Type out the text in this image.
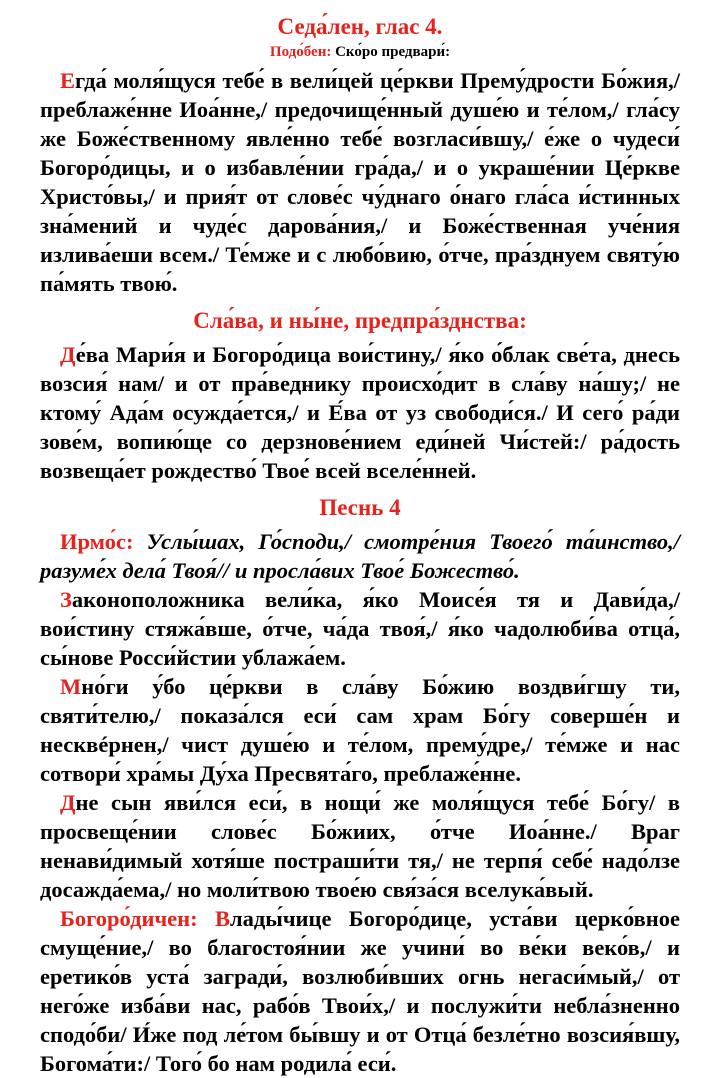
Седа́лен, глас 4.

Подо́бен: Ско́ро предвари́:

Егда́ моля́щуся тебе́ в вели́цей це́ркви Прему́дрости Бо́жия,/ преблаже́нне Иоа́нне,/ предочище́нный душе́ю и те́лом,/ гла́су же Боже́ственному явле́нно тебе́ возгласи́вшу,/ е́же о чудеси́ Богоро́дицы, и о избавле́нии гра́да,/ и о украше́нии Це́ркве Христо́вы,/ и прия́т от слове́с чу́днаго о́наго гла́са и́стинных зна́мений и чуде́с дарова́ния,/ и Боже́ственная уче́ния излива́еши всем./ Те́мже и с любо́вию, о́тче, пра́зднуем святу́ю па́мять твою́.

Сла́ва, и ны́не, предпра́зднства:

Де́ва Мари́я и Богоро́дица вои́стину,/ я́ко о́блак све́та, днесь возсия́ нам/ и от пра́веднику происхо́дит в сла́ву на́шу;/ не ктому́ Ада́м осужда́ется,/ и Е́ва от уз свободи́ся./ И сего́ ра́ди зове́м, вопию́ще со дерзнове́нием еди́ней Чи́стей:/ ра́дость возвеща́ет рождество́ Твое́ всей вселе́нней.

Песнь 4

Ирмо́с: Услы́шах, Го́споди,/ смотре́ния Твоего́ та́инство,/ разуме́х дела́ Твоя́// и просла́вих Твое́ Божество́.

Законоположника вели́ка, я́ко Моисе́я тя и Дави́да,/ вои́стину стяжа́вше, о́тче, ча́да твоя́,/ я́ко чадолюби́ва отца́, сы́нове Росси́йстии ублажа́ем.

Мно́ги у́бо це́ркви в сла́ву Бо́жию воздви́гшу ти, святи́телю,/ показа́лся еси́ сам храм Бо́гу соверше́н и несквéрнен,/ чист душе́ю и те́лом, прему́дре,/ те́мже и нас сотвори́ хра́мы Ду́ха Пресвята́го, преблаже́нне.

Дне сын яви́лся еси́, в нощи́ же моля́щуся тебе́ Бо́гу/ в просвеще́нии слове́с Бо́жиих, о́тче Иоа́нне./ Враг ненави́димый хотя́ше постраши́ти тя,/ не терпя́ себе́ надо́лзе досажда́ема,/ но моли́твою твое́ю свя́за́ся вселука́вый.

Богоро́дичен: Влады́чице Богоро́дице, уста́ви церко́вное смуще́ние,/ во благостоя́нии же учини́ во ве́ки веко́в,/ и еретико́в уста́ загради́, возлюби́вших огнь негаси́мый,/ от него́же изба́ви нас, рабо́в Твои́х,/ и послужи́ти небла́зненно сподо́би/ И́же под ле́том бы́вшу и от Отца́ безле́тно возсия́вшу, Богома́ти:/ Того́ бо нам родила́ еси́.
